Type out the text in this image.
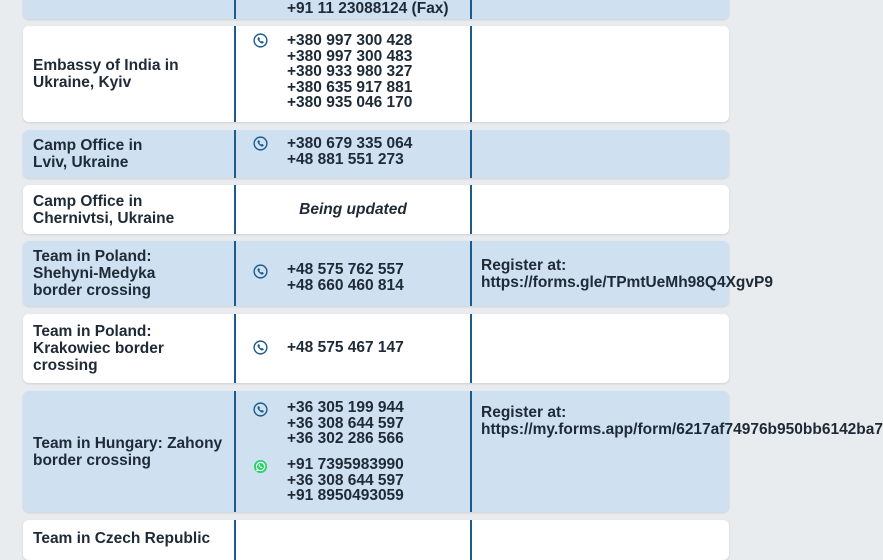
+91 11 23088124 (Fax)
Embassy of India in Ukraine, Kyiv
+380 997 300 428
+380 997 300 483
+380 933 980 327
+380 635 917 881
+380 935 046 170
Camp Office in Lviv, Ukraine
+380 679 335 064
+48 881 551 273
Camp Office in Chernivtsi, Ukraine	Being updated
Team in Poland: Shehyni-Medyka border crossing
+48 575 762 557
+48 660 460 814
Register at: https://forms.gle/TPmtUeMh98Q4XgvP9
Team in Poland: Krakowiec border crossing
+48 575 467 147
Team in Hungary: Zahony border crossing
+36 305 199 944
+36 308 644 597
+36 302 286 566
+91 7395983990
+36 308 644 597
+91 8950493059
Register at: https://my.forms.app/form/6217af74976b950bb6142ba7
Team in Czech Republic
